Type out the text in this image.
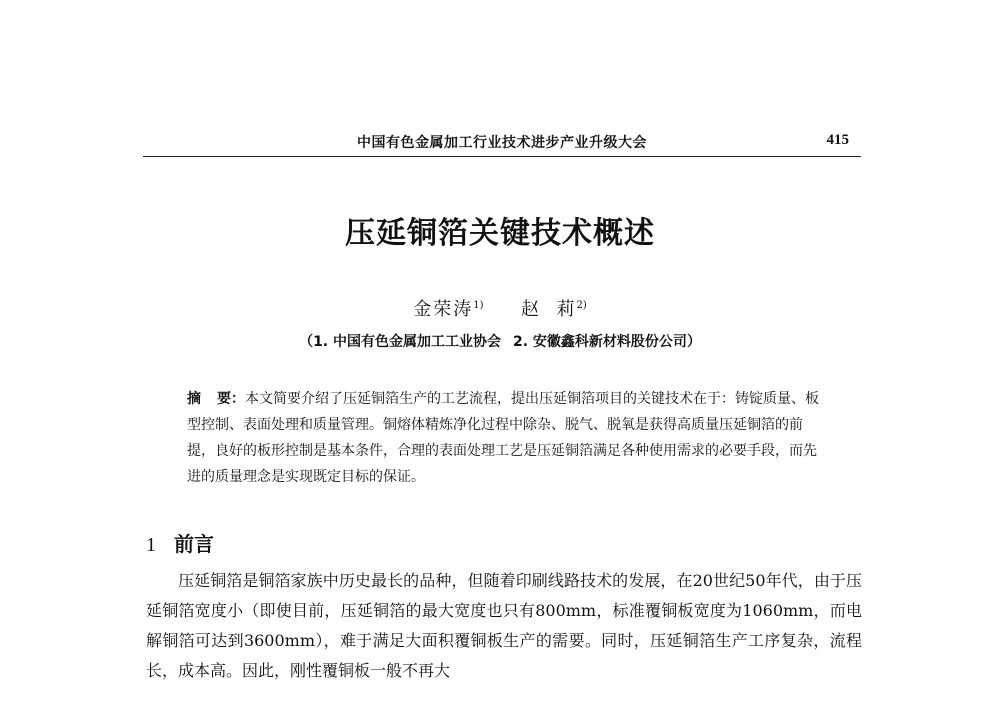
中国有色金属加工行业技术进步产业升级大会	415
压延铜箔关键技术概述
金荣涛$^{1)}$ 赵  莉$^{2)}$
（1. 中国有色金属加工工业协会 2. 安徽鑫科新材料股份公司）
摘 要：本文简要介绍了压延铜箔生产的工艺流程，提出压延铜箔项目的关键技术在于：铸锭质量、板型控制、表面处理和质量管理。铜熔体精炼净化过程中除杂、脱气、脱氧是获得高质量压延铜箔的前提，良好的板形控制是基本条件，合理的表面处理工艺是压延铜箔满足各种使用需求的必要手段，而先进的质量理念是实现既定目标的保证。
1 前言
压延铜箔是铜箔家族中历史最长的品种，但随着印刷线路技术的发展，在20世纪50年代，由于压延铜箔宽度小（即使目前，压延铜箔的最大宽度也只有800mm，标准覆铜板宽度为1060mm，而电解铜箔可达到3600mm），难于满足大面积覆铜板生产的需要。同时，压延铜箔生产工序复杂，流程长，成本高。因此，刚性覆铜板一般不再大
